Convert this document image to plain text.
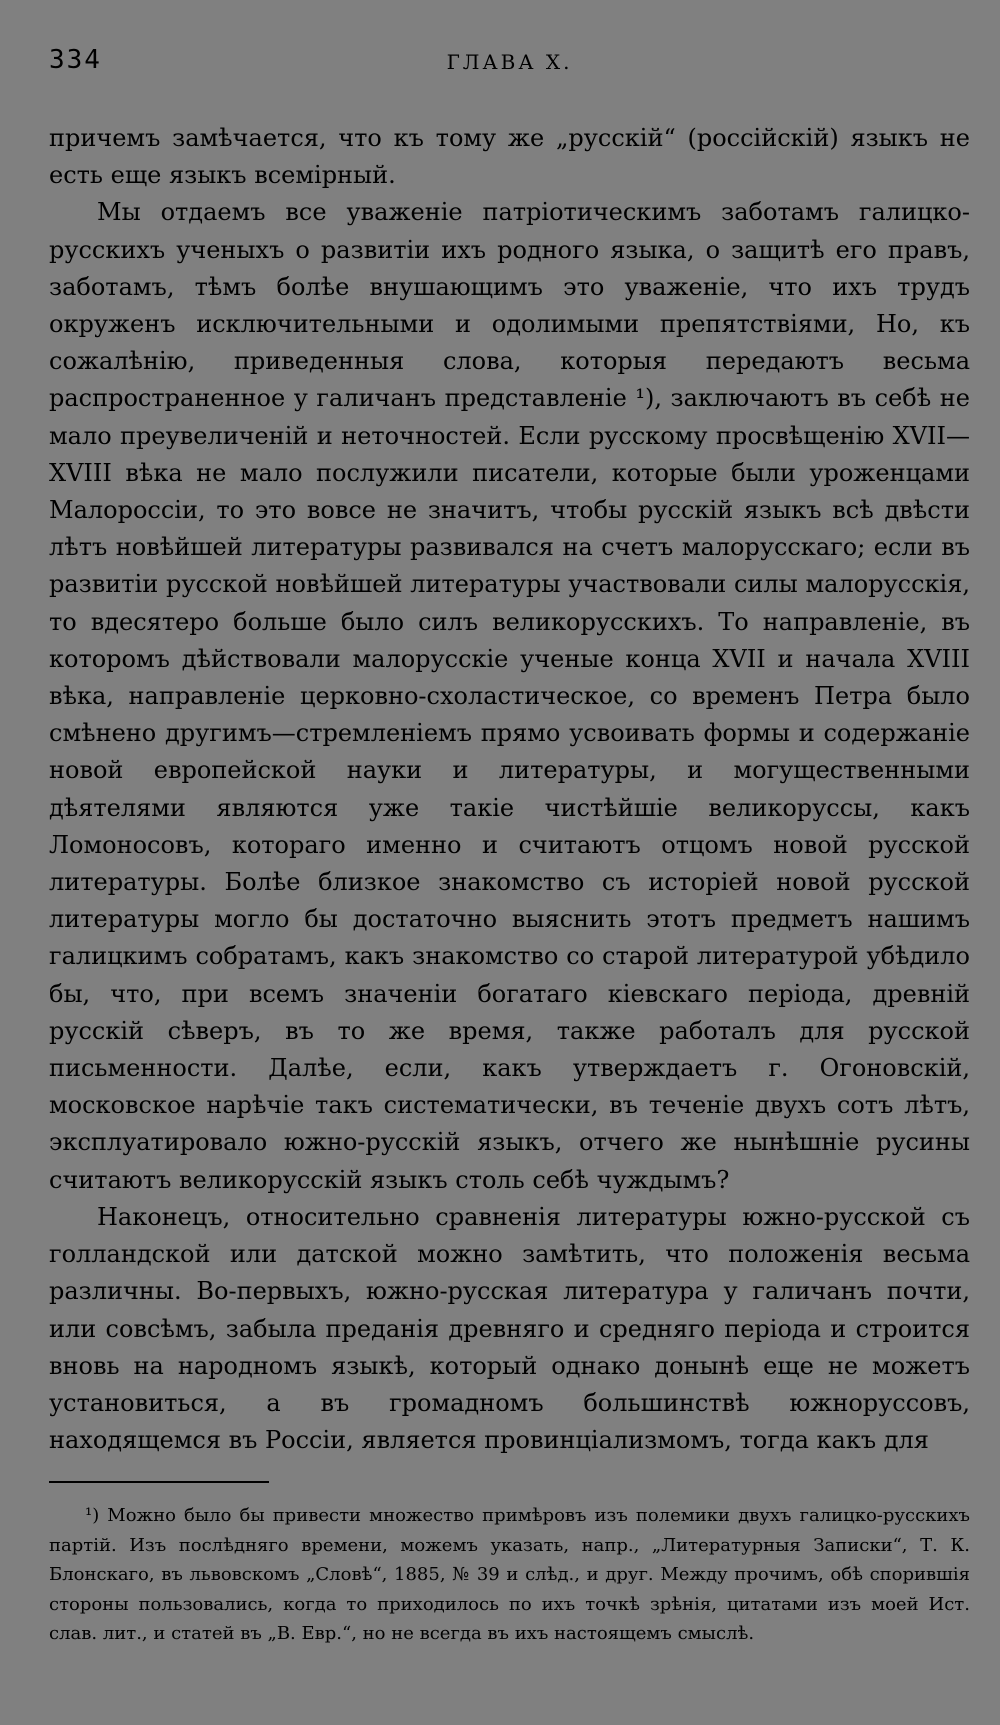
334	ГЛАВА X.

причемъ замѣчается, что къ тому же „русскій“ (россійскій) языкъ не есть еще языкъ всемірный.

Мы отдаемъ все уваженіе патріотическимъ заботамъ галицко-русскихъ ученыхъ о развитіи ихъ родного языка, о защитѣ его правъ, заботамъ, тѣмъ болѣе внушающимъ это уваженіе, что ихъ трудъ окруженъ исключительными и одолимыми препятствіями, Но, къ сожалѣнію, приведенныя слова, которыя передаютъ весьма распространенное у галичанъ представленіе ¹), заключаютъ въ себѣ не мало преувеличеній и неточностей. Если русскому просвѣщенію XVII—XVIII вѣка не мало послужили писатели, которые были уроженцами Малороссіи, то это вовсе не значитъ, чтобы русскій языкъ всѣ двѣсти лѣтъ новѣйшей литературы развивался на счетъ малорусскаго; если въ развитіи русской новѣйшей литературы участвовали силы малорусскія, то вдесятеро больше было силъ великорусскихъ. То направленіе, въ которомъ дѣйствовали малорусскіе ученые конца XVII и начала XVIII вѣка, направленіе церковно-схоластическое, со временъ Петра было смѣнено другимъ—стремленіемъ прямо усвоивать формы и содержаніе новой европейской науки и литературы, и могущественными дѣятелями являются уже такіе чистѣйшіе великоруссы, какъ Ломоносовъ, котораго именно и считаютъ отцомъ новой русской литературы. Болѣе близкое знакомство съ исторіей новой русской литературы могло бы достаточно выяснить этотъ предметъ нашимъ галицкимъ собратамъ, какъ знакомство со старой литературой убѣдило бы, что, при всемъ значеніи богатаго кіевскаго періода, древній русскій сѣверъ, въ то же время, также работалъ для русской письменности. Далѣе, если, какъ утверждаетъ г. Огоновскій, московское нарѣчіе такъ систематически, въ теченіе двухъ сотъ лѣтъ, эксплуатировало южно-русскій языкъ, отчего же нынѣшніе русины считаютъ великорусскій языкъ столь себѣ чуждымъ?

Наконецъ, относительно сравненія литературы южно-русской съ голландской или датской можно замѣтить, что положенія весьма различны. Во-первыхъ, южно-русская литература у галичанъ почти, или совсѣмъ, забыла преданія древняго и средняго періода и строится вновь на народномъ языкѣ, который однако донынѣ еще не можетъ установиться, а въ громадномъ большинствѣ южноруссовъ, находящемся въ Россіи, является провинціализмомъ, тогда какъ для

¹) Можно было бы привести множество примѣровъ изъ полемики двухъ галицко-русскихъ партій. Изъ послѣдняго времени, можемъ указать, напр., „Литературныя Записки“, Т. К. Блонскаго, въ львовскомъ „Словѣ“, 1885, № 39 и слѣд., и друг. Между прочимъ, обѣ спорившія стороны пользовались, когда то приходилось по ихъ точкѣ зрѣнія, цитатами изъ моей Ист. слав. лит., и статей въ „В. Евр.“, но не всегда въ ихъ настоящемъ смыслѣ.
